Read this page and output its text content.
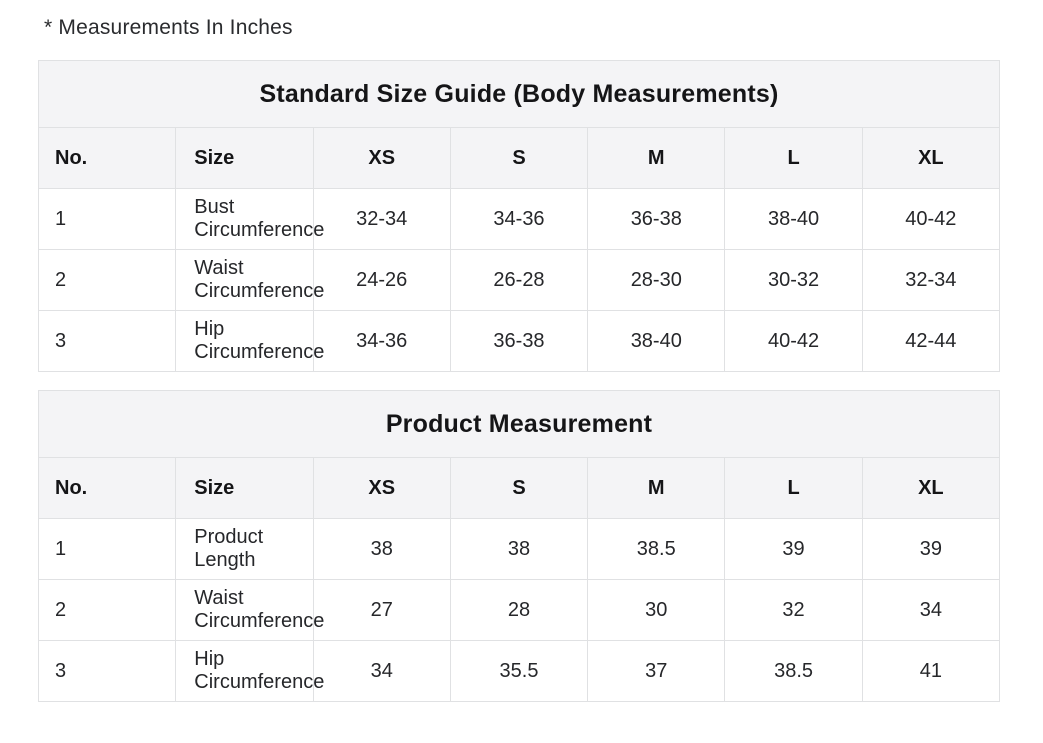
* Measurements In Inches
Standard Size Guide (Body Measurements)						
No.	Size	XS	S	M	L	XL
1	Bust Circumference	32-34	34-36	36-38	38-40	40-42
2	Waist Circumference	24-26	26-28	28-30	30-32	32-34
3	Hip Circumference	34-36	36-38	38-40	40-42	42-44
Product Measurement						
No.	Size	XS	S	M	L	XL
1	Product Length	38	38	38.5	39	39
2	Waist Circumference	27	28	30	32	34
3	Hip Circumference	34	35.5	37	38.5	41
